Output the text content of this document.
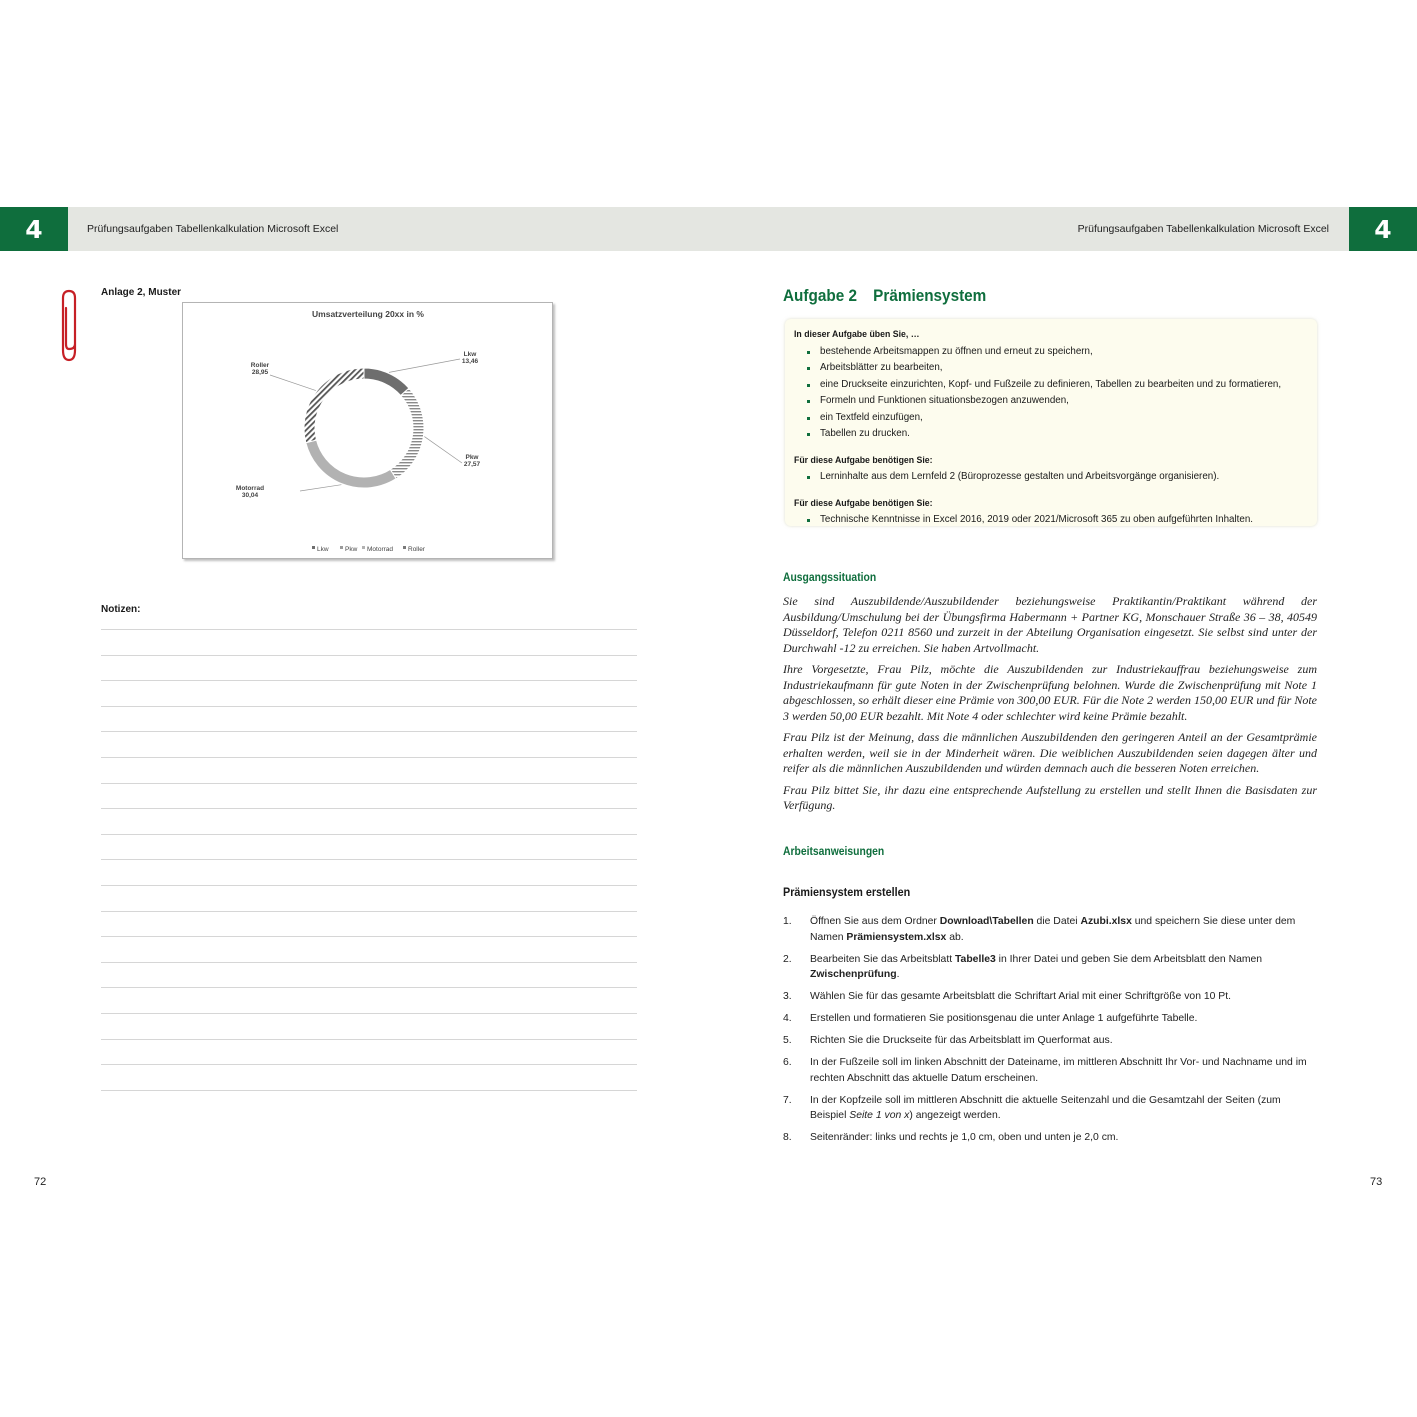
4	4
Prüfungsaufgaben Tabellenkalkulation Microsoft Excel	Prüfungsaufgaben Tabellenkalkulation Microsoft Excel
Anlage 2, Muster
Umsatzverteilung 20xx in %
Lkw
13,46
Pkw
27,57
Motorrad
30,04
Roller
28,95
Lkw	Pkw Motorrad Roller
Notizen:
72
Aufgabe 2 Prämiensystem
In dieser Aufgabe üben Sie, …
bestehende Arbeitsmappen zu öffnen und erneut zu speichern,
Arbeitsblätter zu bearbeiten,
eine Druckseite einzurichten, Kopf- und Fußzeile zu definieren, Tabellen zu bearbeiten und zu formatieren,
Formeln und Funktionen situationsbezogen anzuwenden,
ein Textfeld einzufügen,
Tabellen zu drucken.
Für diese Aufgabe benötigen Sie:
Lerninhalte aus dem Lernfeld 2 (Büroprozesse gestalten und Arbeitsvorgänge organisieren).
Für diese Aufgabe benötigen Sie:
Technische Kenntnisse in Excel 2016, 2019 oder 2021/Microsoft 365 zu oben aufgeführten Inhalten.
Ausgangssituation

Sie sind Auszubildende/Auszubildender beziehungsweise Praktikantin/Praktikant während der Ausbildung/Umschulung bei der Übungsfirma Habermann + Partner KG, Monschauer Straße 36 – 38, 40549 Düsseldorf, Telefon 0211 8560 und zurzeit in der Abteilung Organisation eingesetzt. Sie selbst sind unter der Durchwahl -12 zu erreichen. Sie haben Artvollmacht.

Ihre Vorgesetzte, Frau Pilz, möchte die Auszubildenden zur Industriekauffrau beziehungsweise zum Industriekaufmann für gute Noten in der Zwischenprüfung belohnen. Wurde die Zwischenprüfung mit Note 1 abgeschlossen, so erhält dieser eine Prämie von 300,00 EUR. Für die Note 2 werden 150,00 EUR und für Note 3 werden 50,00 EUR bezahlt. Mit Note 4 oder schlechter wird keine Prämie bezahlt.

Frau Pilz ist der Meinung, dass die männlichen Auszubildenden den geringeren Anteil an der Gesamtprämie erhalten werden, weil sie in der Minderheit wären. Die weiblichen Auszubildenden seien dagegen älter und reifer als die männlichen Auszubildenden und würden demnach auch die besseren Noten erreichen.

Frau Pilz bittet Sie, ihr dazu eine entsprechende Aufstellung zu erstellen und stellt Ihnen die Basisdaten zur Verfügung.

Arbeitsanweisungen
Prämiensystem erstellen
1.	Öffnen Sie aus dem Ordner Download\Tabellen die Datei Azubi.xlsx und speichern Sie diese unter dem Namen Prämiensystem.xlsx ab.
2.	Bearbeiten Sie das Arbeitsblatt Tabelle3 in Ihrer Datei und geben Sie dem Arbeitsblatt den Namen Zwischenprüfung.
3.	Wählen Sie für das gesamte Arbeitsblatt die Schriftart Arial mit einer Schriftgröße von 10 Pt.
4.	Erstellen und formatieren Sie positionsgenau die unter Anlage 1 aufgeführte Tabelle.
5.	Richten Sie die Druckseite für das Arbeitsblatt im Querformat aus.
6.	In der Fußzeile soll im linken Abschnitt der Dateiname, im mittleren Abschnitt Ihr Vor- und Nachname und im rechten Abschnitt das aktuelle Datum erscheinen.
7.	In der Kopfzeile soll im mittleren Abschnitt die aktuelle Seitenzahl und die Gesamtzahl der Seiten (zum Beispiel Seite 1 von x) angezeigt werden.
8.	Seitenränder: links und rechts je 1,0 cm, oben und unten je 2,0 cm.
73
